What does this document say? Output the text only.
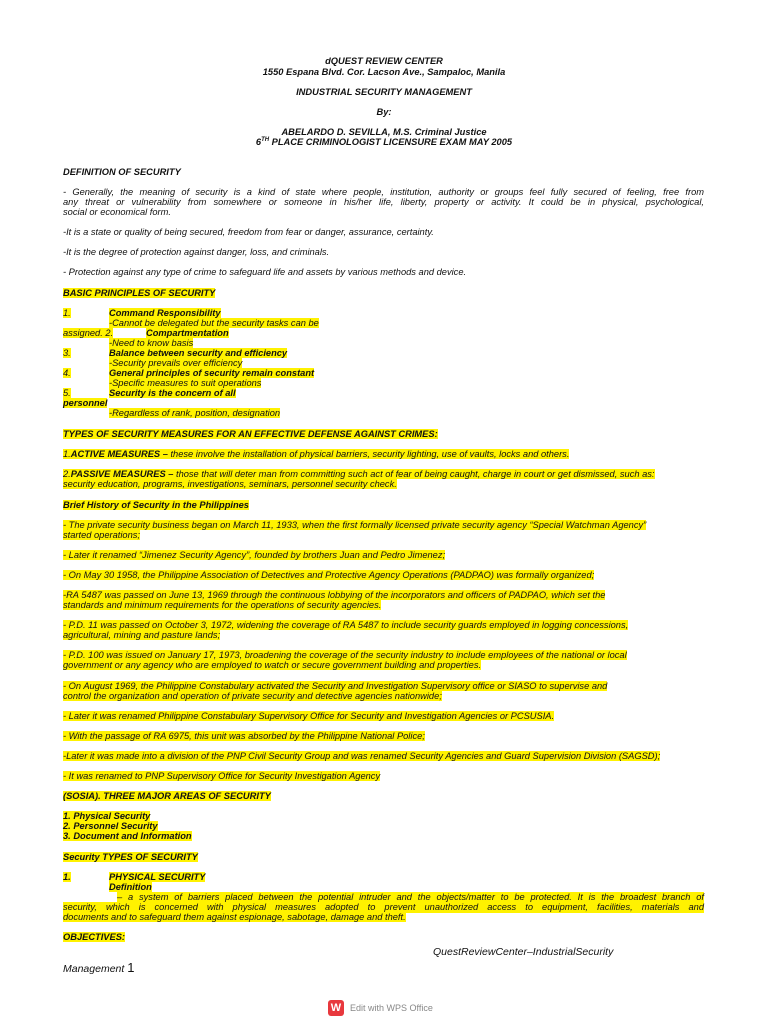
dQUEST REVIEW CENTER
1550 Espana Blvd. Cor. Lacson Ave., Sampaloc, Manila
INDUSTRIAL SECURITY MANAGEMENT
By:
ABELARDO D. SEVILLA, M.S. Criminal Justice
6TH PLACE CRIMINOLOGIST LICENSURE EXAM MAY 2005
DEFINITION OF SECURITY
- Generally, the meaning of security is a kind of state where people, institution, authority or groups feel fully secured of feeling, free from
any threat or vulnerability from somewhere or someone in his/her life, liberty, property or activity. It could be in physical, psychological,
social or economical form.
-It is a state or quality of being secured, freedom from fear or danger, assurance, certainty.
-It is the degree of protection against danger, loss, and criminals.
- Protection against any type of crime to safeguard life and assets by various methods and device.
BASIC PRINCIPLES OF SECURITY
1.	Command Responsibility
-Cannot be delegated but the security tasks can be
assigned. 2.	Compartmentation
-Need to know basis
3.	Balance between security and efficiency
-Security prevails over efficiency
4.	General principles of security remain constant
-Specific measures to suit operations
5.	Security is the concern of all
personnel
-Regardless of rank, position, designation
TYPES OF SECURITY MEASURES FOR AN EFFECTIVE DEFENSE AGAINST CRIMES:
1.ACTIVE MEASURES – these involve the installation of physical barriers, security lighting, use of vaults, locks and others.
2.PASSIVE MEASURES – those that will deter man from committing such act of fear of being caught, charge in court or get dismissed, such as:
security education, programs, investigations, seminars, personnel security check.
Brief History of Security in the Philippines
- The private security business began on March 11, 1933, when the first formally licensed private security agency “Special Watchman Agency”
started operations;
- Later it renamed “Jimenez Security Agency”, founded by brothers Juan and Pedro Jimenez;
- On May 30 1958, the Philippine Association of Detectives and Protective Agency Operations (PADPAO) was formally organized;
-RA 5487 was passed on June 13, 1969 through the continuous lobbying of the incorporators and officers of PADPAO, which set the
standards and minimum requirements for the operations of security agencies.
- P.D. 11 was passed on October 3, 1972, widening the coverage of RA 5487 to include security guards employed in logging concessions,
agricultural, mining and pasture lands;
- P.D. 100 was issued on January 17, 1973, broadening the coverage of the security industry to include employees of the national or local
government or any agency who are employed to watch or secure government building and properties.
- On August 1969, the Philippine Constabulary activated the Security and Investigation Supervisory office or SIASO to supervise and
control the organization and operation of private security and detective agencies nationwide;
- Later it was renamed Philippine Constabulary Supervisory Office for Security and Investigation Agencies or PCSUSIA.
- With the passage of RA 6975, this unit was absorbed by the Philippine National Police;
-Later it was made into a division of the PNP Civil Security Group and was renamed Security Agencies and Guard Supervision Division (SAGSD);
- It was renamed to PNP Supervisory Office for Security Investigation Agency
(SOSIA). THREE MAJOR AREAS OF SECURITY
1. Physical Security
2. Personnel Security
3. Document and Information
Security TYPES OF SECURITY
1.	PHYSICAL SECURITY
Definition
– a system of barriers placed between the potential intruder and the objects/matter to be protected. It is the broadest branch of
security, which is concerned with physical measures adopted to prevent unauthorized access to equipment, facilities, materials and
documents and to safeguard them against espionage, sabotage, damage and theft.
OBJECTIVES:
QuestReviewCenter–IndustrialSecurity
Management 1
W Edit with WPS Office
